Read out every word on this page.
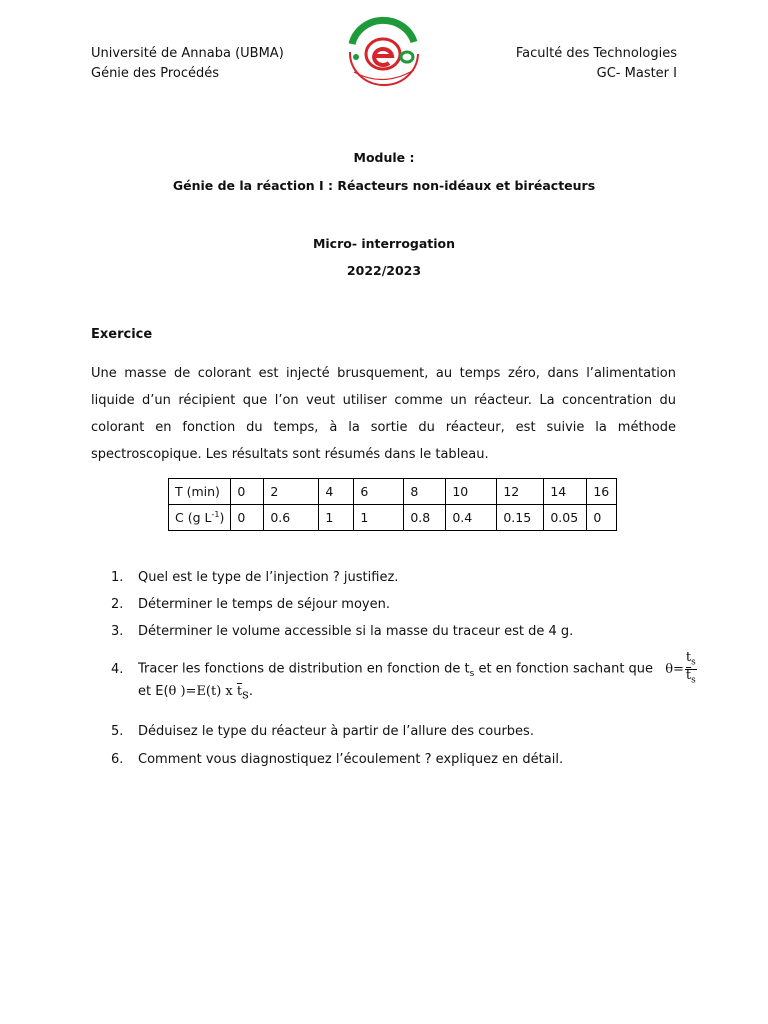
Université de Annaba (UBMA)
Génie des Procédés
Faculté des Technologies
GC- Master I
Module :
Génie de la réaction I : Réacteurs non-idéaux et biréacteurs
Micro- interrogation
2022/2023
Exercice
Une masse de colorant est injecté brusquement, au temps zéro, dans l’alimentation liquide d’un récipient que l’on veut utiliser comme un réacteur. La concentration du colorant en fonction du temps, à la sortie du réacteur, est suivie la méthode spectroscopique. Les résultats sont résumés dans le tableau.
T (min)	0	2	4	6	8	10	12	14	16
C (g $L^{-1}$)	0	0.6	1	1	0.8	0.4	0.15	0.05	0
1. Quel est le type de l’injection ? justifiez.
2. Déterminer le temps de séjour moyen.
3. Déterminer le volume accessible si la masse du traceur est de 4 g.
4. Tracer les fonctions de distribution en fonction de $t_s$ et en fonction sachant que $\theta= \frac{t_s}{\overline{t}_s}$
et E(θ )=E(t) x $\overline{t}_s$.
5. Déduisez le type du réacteur à partir de l’allure des courbes.
6. Comment vous diagnostiquez l’écoulement ? expliquez en détail.
